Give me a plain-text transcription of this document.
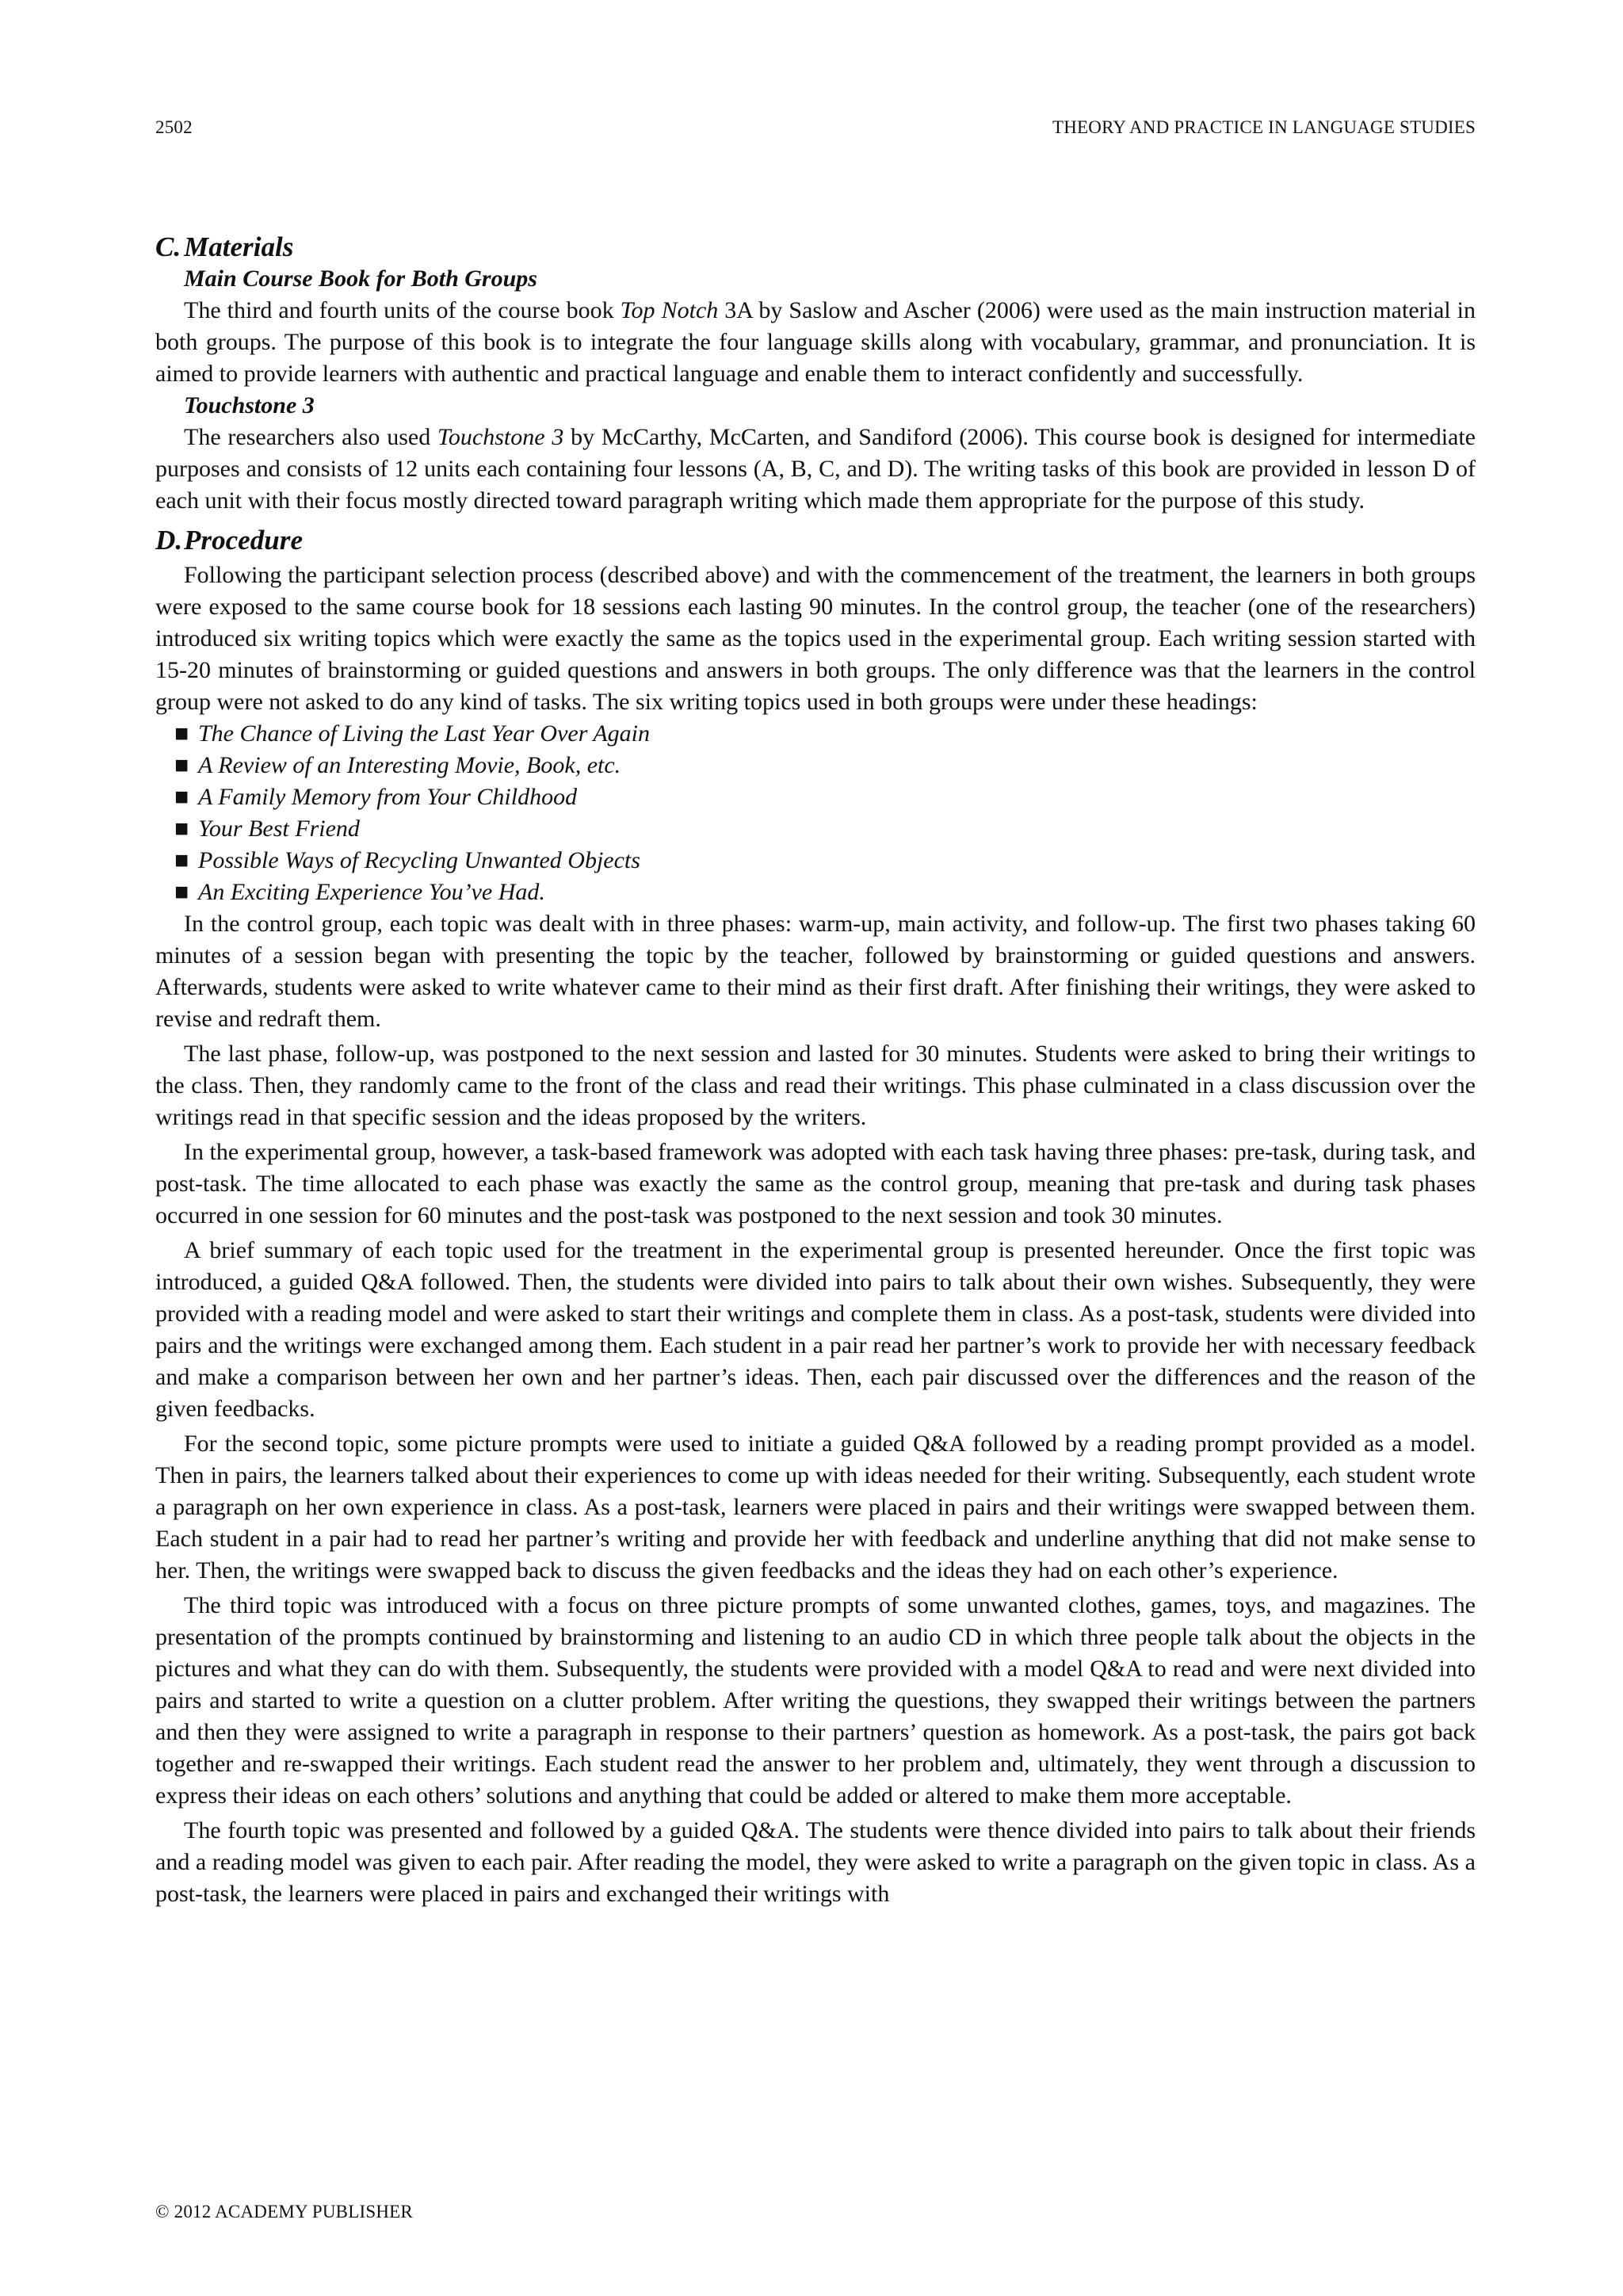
2502	THEORY AND PRACTICE IN LANGUAGE STUDIES
C. Materials
Main Course Book for Both Groups

The third and fourth units of the course book Top Notch 3A by Saslow and Ascher (2006) were used as the main instruction material in both groups. The purpose of this book is to integrate the four language skills along with vocabulary, grammar, and pronunciation. It is aimed to provide learners with authentic and practical language and enable them to interact confidently and successfully.

Touchstone 3

The researchers also used Touchstone 3 by McCarthy, McCarten, and Sandiford (2006). This course book is designed for intermediate purposes and consists of 12 units each containing four lessons (A, B, C, and D). The writing tasks of this book are provided in lesson D of each unit with their focus mostly directed toward paragraph writing which made them appropriate for the purpose of this study.

D.Procedure

Following the participant selection process (described above) and with the commencement of the treatment, the learners in both groups were exposed to the same course book for 18 sessions each lasting 90 minutes. In the control group, the teacher (one of the researchers) introduced six writing topics which were exactly the same as the topics used in the experimental group. Each writing session started with 15-20 minutes of brainstorming or guided questions and answers in both groups. The only difference was that the learners in the control group were not asked to do any kind of tasks. The six writing topics used in both groups were under these headings:

■ The Chance of Living the Last Year Over Again
■ A Review of an Interesting Movie, Book, etc.
■ A Family Memory from Your Childhood
■ Your Best Friend
■ Possible Ways of Recycling Unwanted Objects
■ An Exciting Experience You’ve Had.

In the control group, each topic was dealt with in three phases: warm-up, main activity, and follow-up. The first two phases taking 60 minutes of a session began with presenting the topic by the teacher, followed by brainstorming or guided questions and answers. Afterwards, students were asked to write whatever came to their mind as their first draft. After finishing their writings, they were asked to revise and redraft them.

The last phase, follow-up, was postponed to the next session and lasted for 30 minutes. Students were asked to bring their writings to the class. Then, they randomly came to the front of the class and read their writings. This phase culminated in a class discussion over the writings read in that specific session and the ideas proposed by the writers.

In the experimental group, however, a task-based framework was adopted with each task having three phases: pre-task, during task, and post-task. The time allocated to each phase was exactly the same as the control group, meaning that pre-task and during task phases occurred in one session for 60 minutes and the post-task was postponed to the next session and took 30 minutes.

A brief summary of each topic used for the treatment in the experimental group is presented hereunder. Once the first topic was introduced, a guided Q&A followed. Then, the students were divided into pairs to talk about their own wishes. Subsequently, they were provided with a reading model and were asked to start their writings and complete them in class. As a post-task, students were divided into pairs and the writings were exchanged among them. Each student in a pair read her partner’s work to provide her with necessary feedback and make a comparison between her own and her partner’s ideas. Then, each pair discussed over the differences and the reason of the given feedbacks.

For the second topic, some picture prompts were used to initiate a guided Q&A followed by a reading prompt provided as a model. Then in pairs, the learners talked about their experiences to come up with ideas needed for their writing. Subsequently, each student wrote a paragraph on her own experience in class. As a post-task, learners were placed in pairs and their writings were swapped between them. Each student in a pair had to read her partner’s writing and provide her with feedback and underline anything that did not make sense to her. Then, the writings were swapped back to discuss the given feedbacks and the ideas they had on each other’s experience.

The third topic was introduced with a focus on three picture prompts of some unwanted clothes, games, toys, and magazines. The presentation of the prompts continued by brainstorming and listening to an audio CD in which three people talk about the objects in the pictures and what they can do with them. Subsequently, the students were provided with a model Q&A to read and were next divided into pairs and started to write a question on a clutter problem. After writing the questions, they swapped their writings between the partners and then they were assigned to write a paragraph in response to their partners’ question as homework. As a post-task, the pairs got back together and re-swapped their writings. Each student read the answer to her problem and, ultimately, they went through a discussion to express their ideas on each others’ solutions and anything that could be added or altered to make them more acceptable.

The fourth topic was presented and followed by a guided Q&A. The students were thence divided into pairs to talk about their friends and a reading model was given to each pair. After reading the model, they were asked to write a paragraph on the given topic in class. As a post-task, the learners were placed in pairs and exchanged their writings with

© 2012 ACADEMY PUBLISHER
